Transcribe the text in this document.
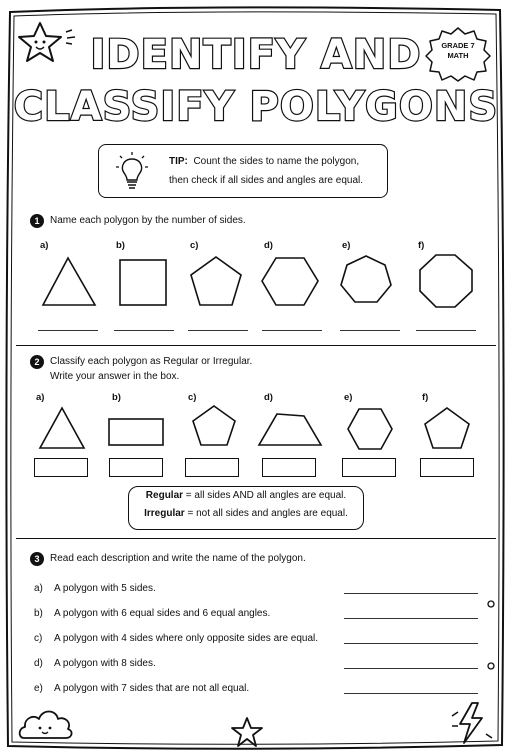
IDENTIFY AND
CLASSIFY POLYGONS
GRADE 7
MATH
TIP: Count the sides to name the polygon,
then check if all sides and angles are equal.
1	Name each polygon by the number of sides.
a)	b)	c)	d)	e)	f)
2	Classify each polygon as Regular or Irregular.
Write your answer in the box.
a)	b)	c)	d)	e)	f)
Regular = all sides AND all angles are equal.
Irregular = not all sides and angles are equal.
3	Read each description and write the name of the polygon.
a) A polygon with 5 sides.
b) A polygon with 6 equal sides and 6 equal angles.
c) A polygon with 4 sides where only opposite sides are equal.
d) A polygon with 8 sides.
e) A polygon with 7 sides that are not all equal.
